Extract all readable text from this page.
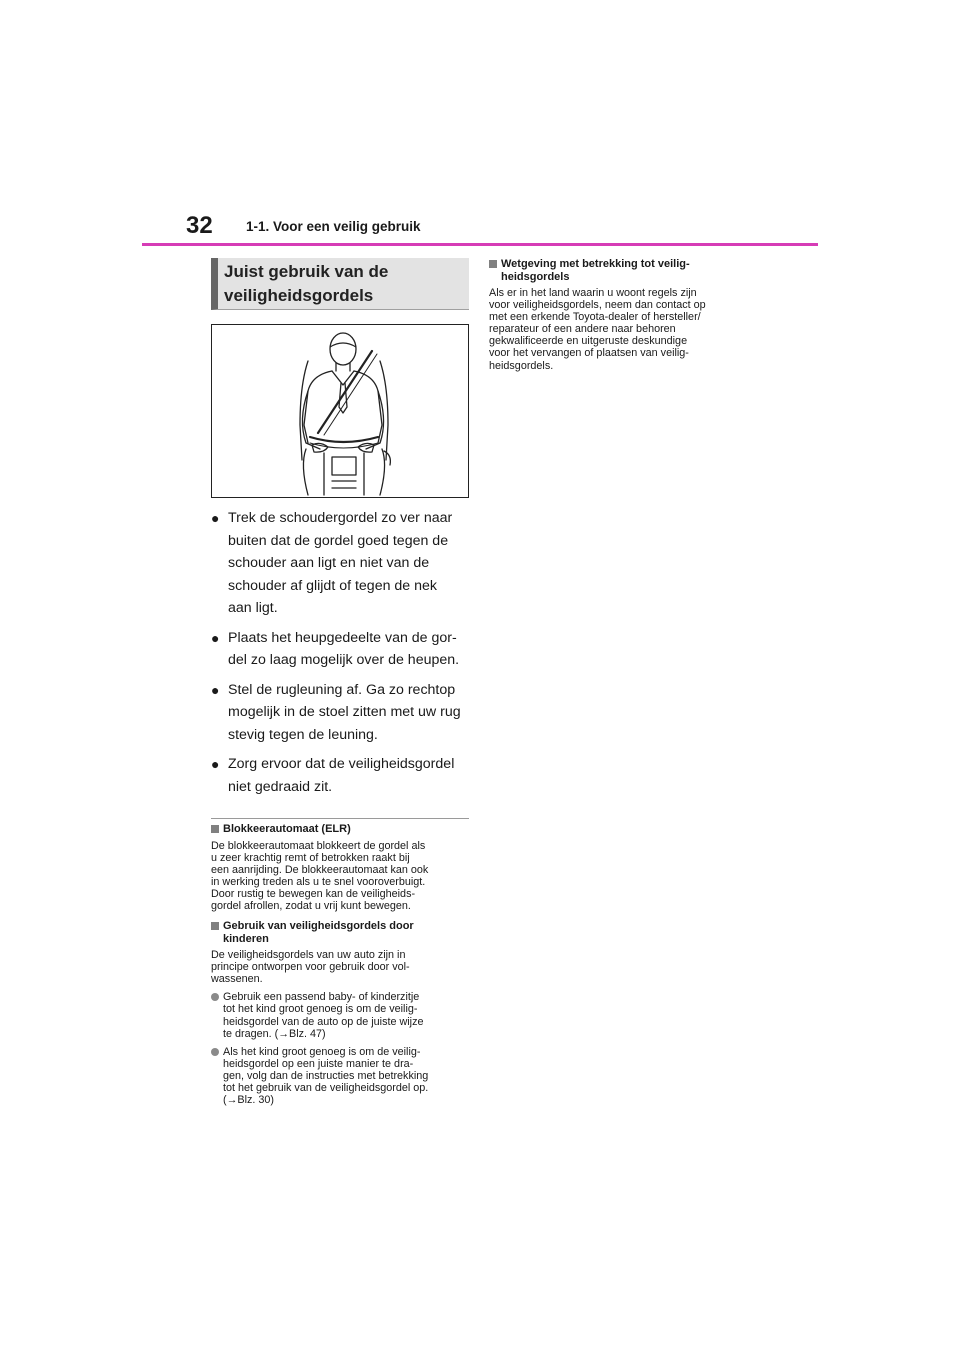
32 1-1. Voor een veilig gebruik
Juist gebruik van de
veiligheidsgordels
● Trek de schoudergordel zo ver naar
buiten dat de gordel goed tegen de
schouder aan ligt en niet van de
schouder af glijdt of tegen de nek
aan ligt.
● Plaats het heupgedeelte van de gor-
del zo laag mogelijk over de heupen.
● Stel de rugleuning af. Ga zo rechtop
mogelijk in de stoel zitten met uw rug
stevig tegen de leuning.
● Zorg ervoor dat de veiligheidsgordel
niet gedraaid zit.
Blokkeerautomaat (ELR)
De blokkeerautomaat blokkeert de gordel als
u zeer krachtig remt of betrokken raakt bij
een aanrijding. De blokkeerautomaat kan ook
in werking treden als u te snel vooroverbuigt.
Door rustig te bewegen kan de veiligheids-
gordel afrollen, zodat u vrij kunt bewegen.
Gebruik van veiligheidsgordels door
kinderen
De veiligheidsgordels van uw auto zijn in
principe ontworpen voor gebruik door vol-
wassenen.
Gebruik een passend baby- of kinderzitje
tot het kind groot genoeg is om de veilig-
heidsgordel van de auto op de juiste wijze
te dragen. (→Blz. 47)
Als het kind groot genoeg is om de veilig-
heidsgordel op een juiste manier te dra-
gen, volg dan de instructies met betrekking
tot het gebruik van de veiligheidsgordel op.
(→Blz. 30)
Wetgeving met betrekking tot veilig-
heidsgordels
Als er in het land waarin u woont regels zijn
voor veiligheidsgordels, neem dan contact op
met een erkende Toyota-dealer of hersteller/
reparateur of een andere naar behoren
gekwalificeerde en uitgeruste deskundige
voor het vervangen of plaatsen van veilig-
heidsgordels.
